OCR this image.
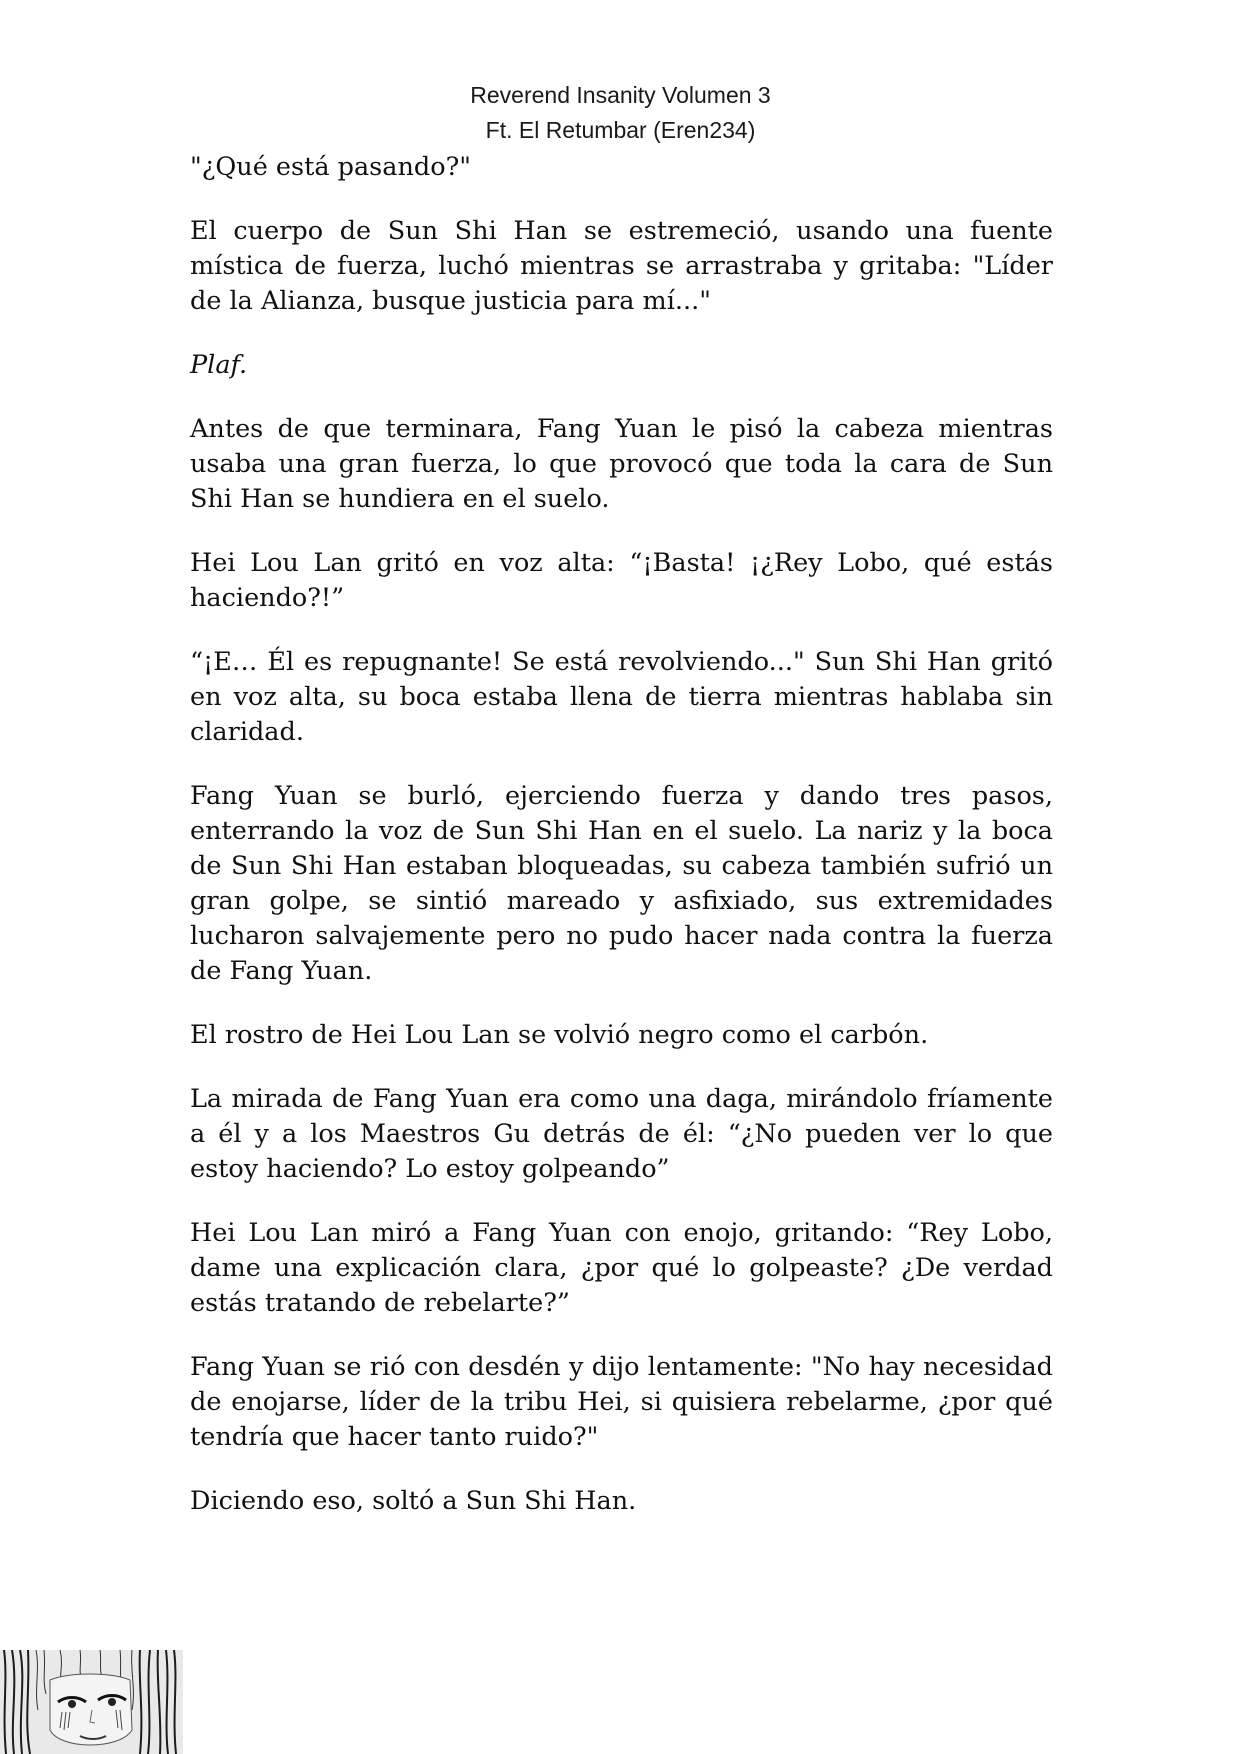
Reverend Insanity Volumen 3
Ft. El Retumbar (Eren234)

"¿Qué está pasando?"

El cuerpo de Sun Shi Han se estremeció, usando una fuente mística de fuerza, luchó mientras se arrastraba y gritaba: "Líder de la Alianza, busque justicia para mí..."

Plaf.

Antes de que terminara, Fang Yuan le pisó la cabeza mientras usaba una gran fuerza, lo que provocó que toda la cara de Sun Shi Han se hundiera en el suelo.

Hei Lou Lan gritó en voz alta: “¡Basta! ¡¿Rey Lobo, qué estás haciendo?!”

“¡E… Él es repugnante! Se está revolviendo..." Sun Shi Han gritó en voz alta, su boca estaba llena de tierra mientras hablaba sin claridad.

Fang Yuan se burló, ejerciendo fuerza y dando tres pasos, enterrando la voz de Sun Shi Han en el suelo. La nariz y la boca de Sun Shi Han estaban bloqueadas, su cabeza también sufrió un gran golpe, se sintió mareado y asfixiado, sus extremidades lucharon salvajemente pero no pudo hacer nada contra la fuerza de Fang Yuan.

El rostro de Hei Lou Lan se volvió negro como el carbón.

La mirada de Fang Yuan era como una daga, mirándolo fríamente a él y a los Maestros Gu detrás de él: “¿No pueden ver lo que estoy haciendo? Lo estoy golpeando”

Hei Lou Lan miró a Fang Yuan con enojo, gritando: “Rey Lobo, dame una explicación clara, ¿por qué lo golpeaste? ¿De verdad estás tratando de rebelarte?”

Fang Yuan se rió con desdén y dijo lentamente: "No hay necesidad de enojarse, líder de la tribu Hei, si quisiera rebelarme, ¿por qué tendría que hacer tanto ruido?"

Diciendo eso, soltó a Sun Shi Han.
